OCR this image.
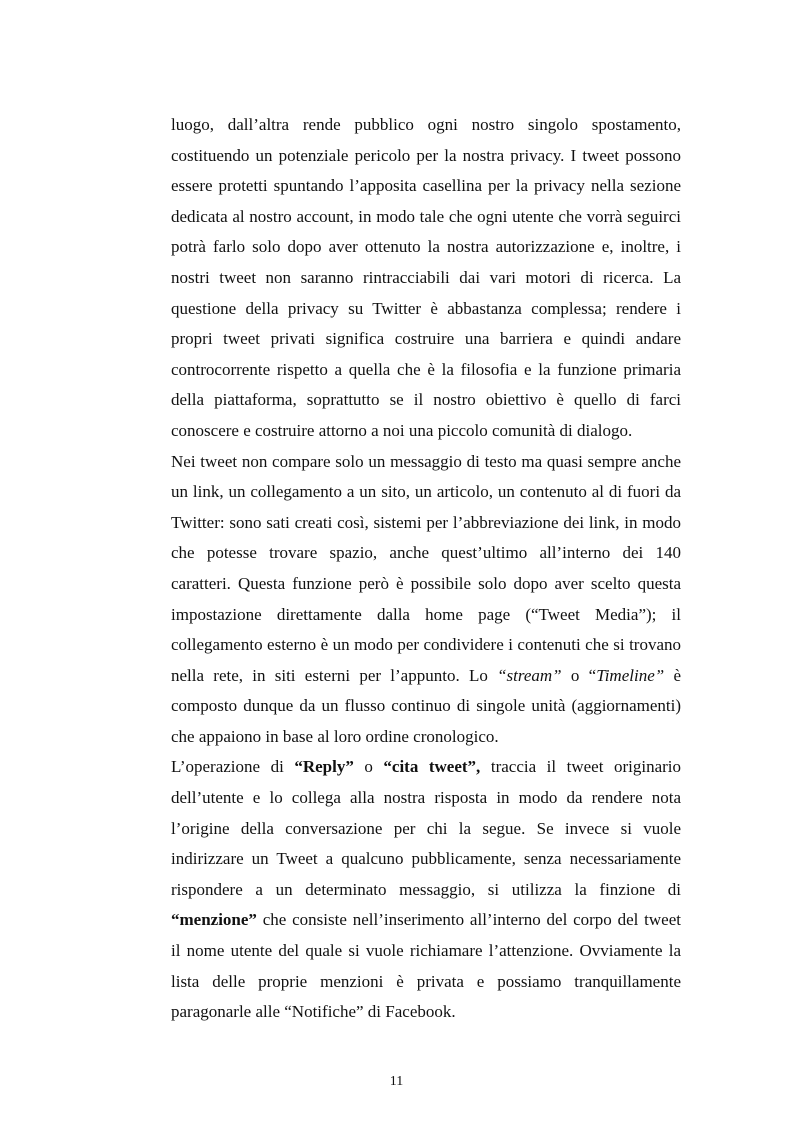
luogo, dall’altra rende pubblico ogni nostro singolo spostamento, costituendo un potenziale pericolo per la nostra privacy. I tweet possono essere protetti spuntando l’apposita casellina per la privacy nella sezione dedicata al nostro account, in modo tale che ogni utente che vorrà seguirci potrà farlo solo dopo aver ottenuto la nostra autorizzazione e, inoltre, i nostri tweet non saranno rintracciabili dai vari motori di ricerca. La questione della privacy su Twitter è abbastanza complessa; rendere i propri tweet privati significa costruire una barriera e quindi andare controcorrente rispetto a quella che è la filosofia e la funzione primaria della piattaforma, soprattutto se il nostro obiettivo è quello di farci conoscere e costruire attorno a noi una piccolo comunità di dialogo.

Nei tweet non compare solo un messaggio di testo ma quasi sempre anche un link, un collegamento a un sito, un articolo, un contenuto al di fuori da Twitter: sono sati creati così, sistemi per l’abbreviazione dei link, in modo che potesse trovare spazio, anche quest’ultimo all’interno dei 140 caratteri. Questa funzione però è possibile solo dopo aver scelto questa impostazione direttamente dalla home page (“Tweet Media”); il collegamento esterno è un modo per condividere i contenuti che si trovano nella rete, in siti esterni per l’appunto. Lo “stream” o “Timeline” è composto dunque da un flusso continuo di singole unità (aggiornamenti) che appaiono in base al loro ordine cronologico.

L’operazione di “Reply” o “cita tweet”, traccia il tweet originario dell’utente e lo collega alla nostra risposta in modo da rendere nota l’origine della conversazione per chi la segue. Se invece si vuole indirizzare un Tweet a qualcuno pubblicamente, senza necessariamente rispondere a un determinato messaggio, si utilizza la finzione di “menzione” che consiste nell’inserimento all’interno del corpo del tweet il nome utente del quale si vuole richiamare l’attenzione. Ovviamente la lista delle proprie menzioni è privata e possiamo tranquillamente paragonarle alle “Notifiche” di Facebook.

11
